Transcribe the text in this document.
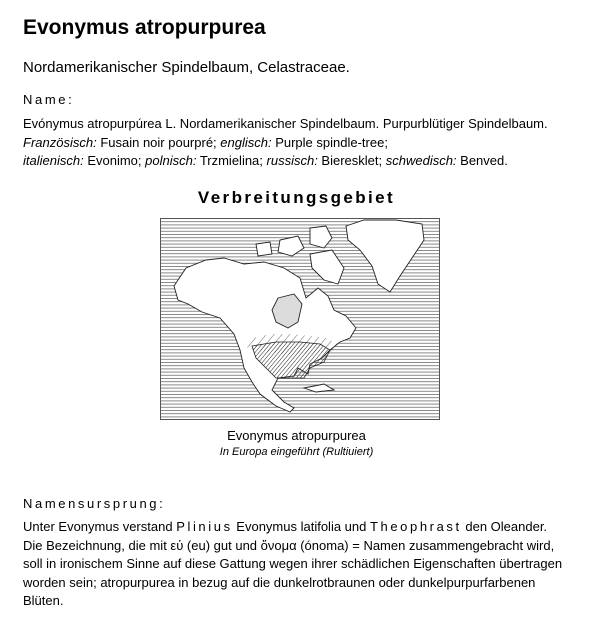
Evonymus atropurpurea
Nordamerikanischer Spindelbaum, Celastraceae.
Name:
Evónymus atropurpúrea L. Nordamerikanischer Spindelbaum. Purpurblütiger Spindelbaum. Französisch: Fusain noir pourpré; englisch: Purple spindle-tree;
italienisch: Evonimo; polnisch: Trzmielina; russisch: Bieresklet; schwedisch: Benved.
Verbreitungsgebiet
Evonymus atropurpurea
In Europa eingeführt (Rultiuiert)
Namensursprung:
Unter Evonymus verstand Plinius Evonymus latifolia und Theophrast den Oleander. Die Bezeichnung, die mit εὐ (eu) gut und ὄνομα (ónoma) = Namen zusammengebracht wird, soll in ironischem Sinne auf diese Gattung wegen ihrer schädlichen Eigenschaften übertragen worden sein; atropurpurea in bezug auf die dunkelrotbraunen oder dunkelpurpurfarbenen Blüten.
